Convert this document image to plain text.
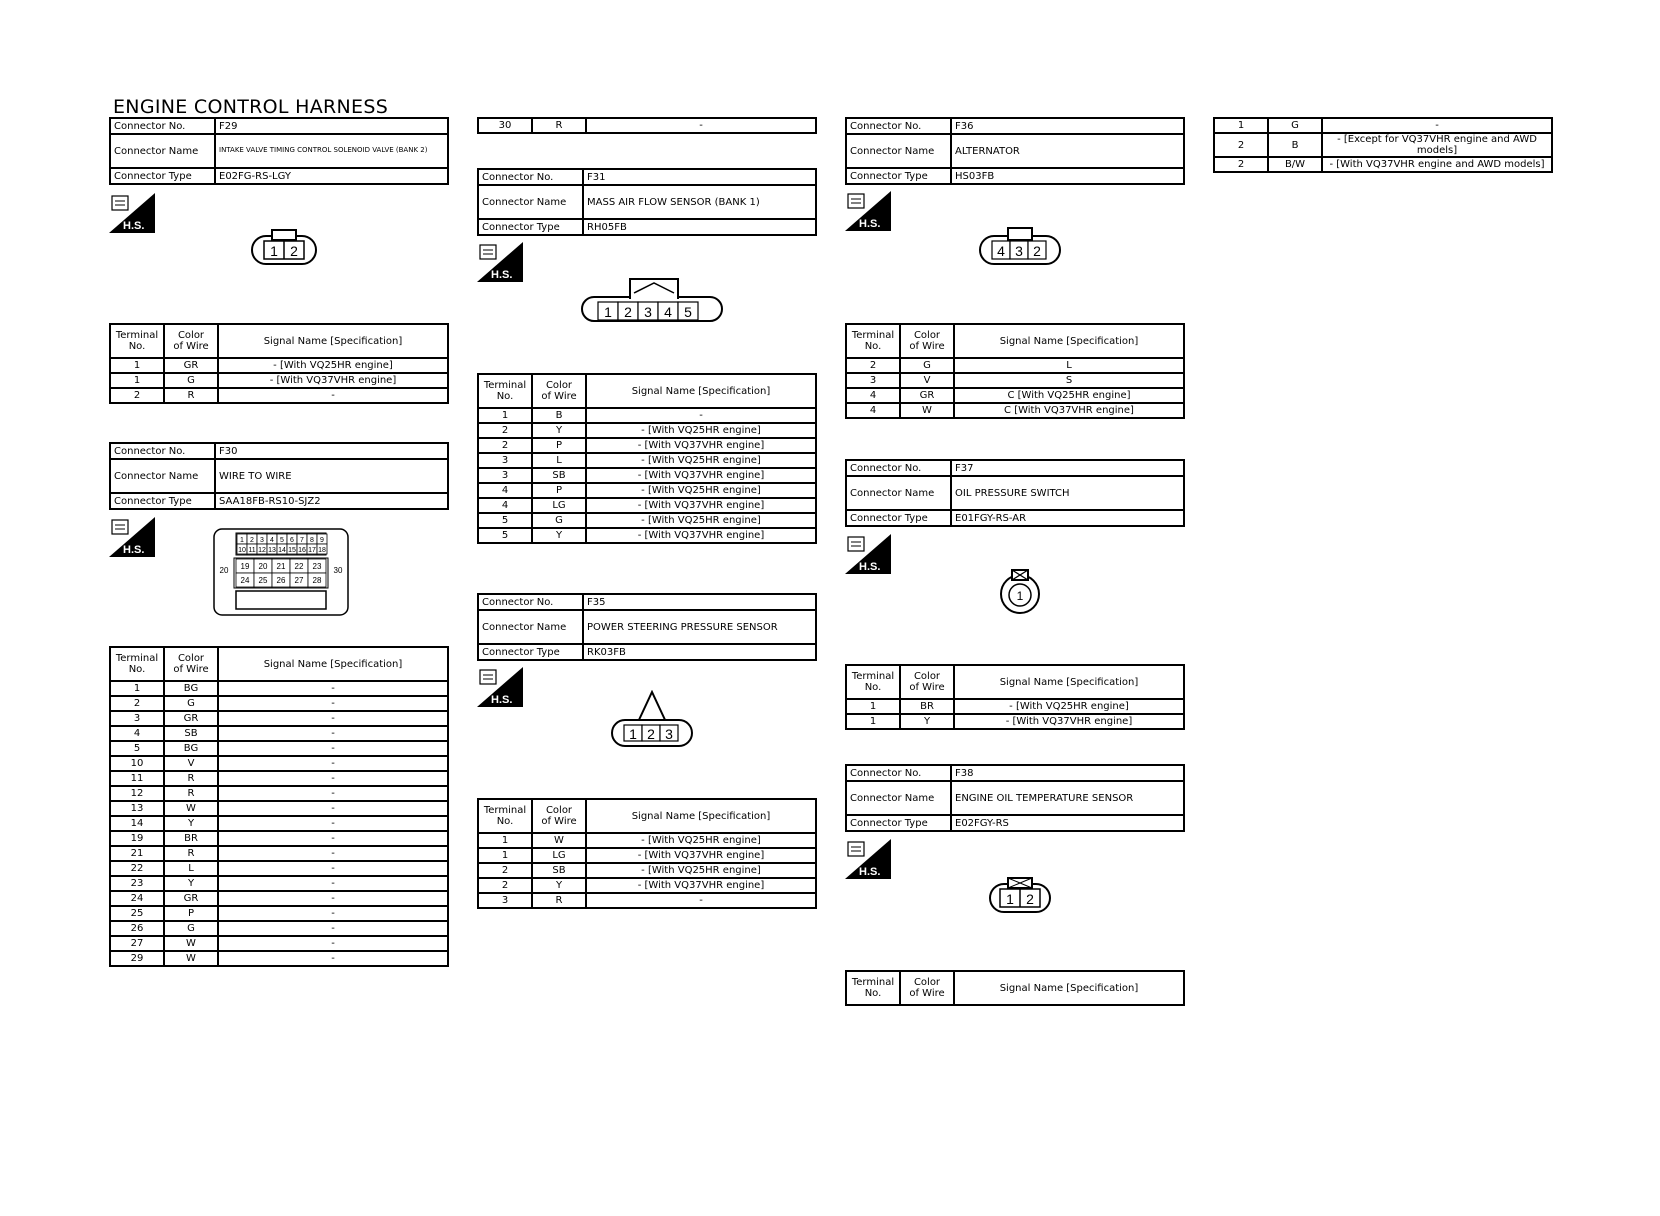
ENGINE CONTROL HARNESS
Connector No.	F29
Connector Name	INTAKE VALVE TIMING CONTROL SOLENOID VALVE (BANK 2)
Connector Type	E02FG-RS-LGY
H.S.
1 2
Terminal
No.	Color
of Wire	Signal Name [Specification]
1	GR	- [With VQ25HR engine]
1	G	- [With VQ37VHR engine]
2	R	-
Connector No.	F30
Connector Name	WIRE TO WIRE
Connector Type	SAA18FB-RS10-SJZ2
H.S.
1 2 3 4 5 6 7 8 9
10 11 12 13 14 15 16 17 18
19 20 21 22 23
24 25 26 27 28
20	30
Terminal
No.	Color
of Wire	Signal Name [Specification]
1	BG	-
2	G	-
3	GR	-
4	SB	-
5	BG	-
10	V	-
11	R	-
12	R	-
13	W	-
14	Y	-
19	BR	-
21	R	-
22	L	-
23	Y	-
24	GR	-
25	P	-
26	G	-
27	W	-
29	W	-
30	R	-
Connector No.	F31
Connector Name	MASS AIR FLOW SENSOR (BANK 1)
Connector Type	RH05FB
H.S.
1 2 3 4 5
Terminal
No.	Color
of Wire	Signal Name [Specification]
1	B	-
2	Y	- [With VQ25HR engine]
2	P	- [With VQ37VHR engine]
3	L	- [With VQ25HR engine]
3	SB	- [With VQ37VHR engine]
4	P	- [With VQ25HR engine]
4	LG	- [With VQ37VHR engine]
5	G	- [With VQ25HR engine]
5	Y	- [With VQ37VHR engine]
Connector No.	F35
Connector Name	POWER STEERING PRESSURE SENSOR
Connector Type	RK03FB
H.S.
1 2 3
Terminal
No.	Color
of Wire	Signal Name [Specification]
1	W	- [With VQ25HR engine]
1	LG	- [With VQ37VHR engine]
2	SB	- [With VQ25HR engine]
2	Y	- [With VQ37VHR engine]
3	R	-
Connector No.	F36
Connector Name	ALTERNATOR
Connector Type	HS03FB
H.S.
4 3 2
Terminal
No.	Color
of Wire	Signal Name [Specification]
2	G	L
3	V	S
4	GR	C [With VQ25HR engine]
4	W	C [With VQ37VHR engine]
Connector No.	F37
Connector Name	OIL PRESSURE SWITCH
Connector Type	E01FGY-RS-AR
H.S.
1
Terminal
No.	Color
of Wire	Signal Name [Specification]
1	BR	- [With VQ25HR engine]
1	Y	- [With VQ37VHR engine]
Connector No.	F38
Connector Name	ENGINE OIL TEMPERATURE SENSOR
Connector Type	E02FGY-RS
H.S.
1 2
Terminal
No.	Color
of Wire	Signal Name [Specification]
1	G	-
2	B	- [Except for VQ37VHR engine and AWD models]
2	B/W	- [With VQ37VHR engine and AWD models]
